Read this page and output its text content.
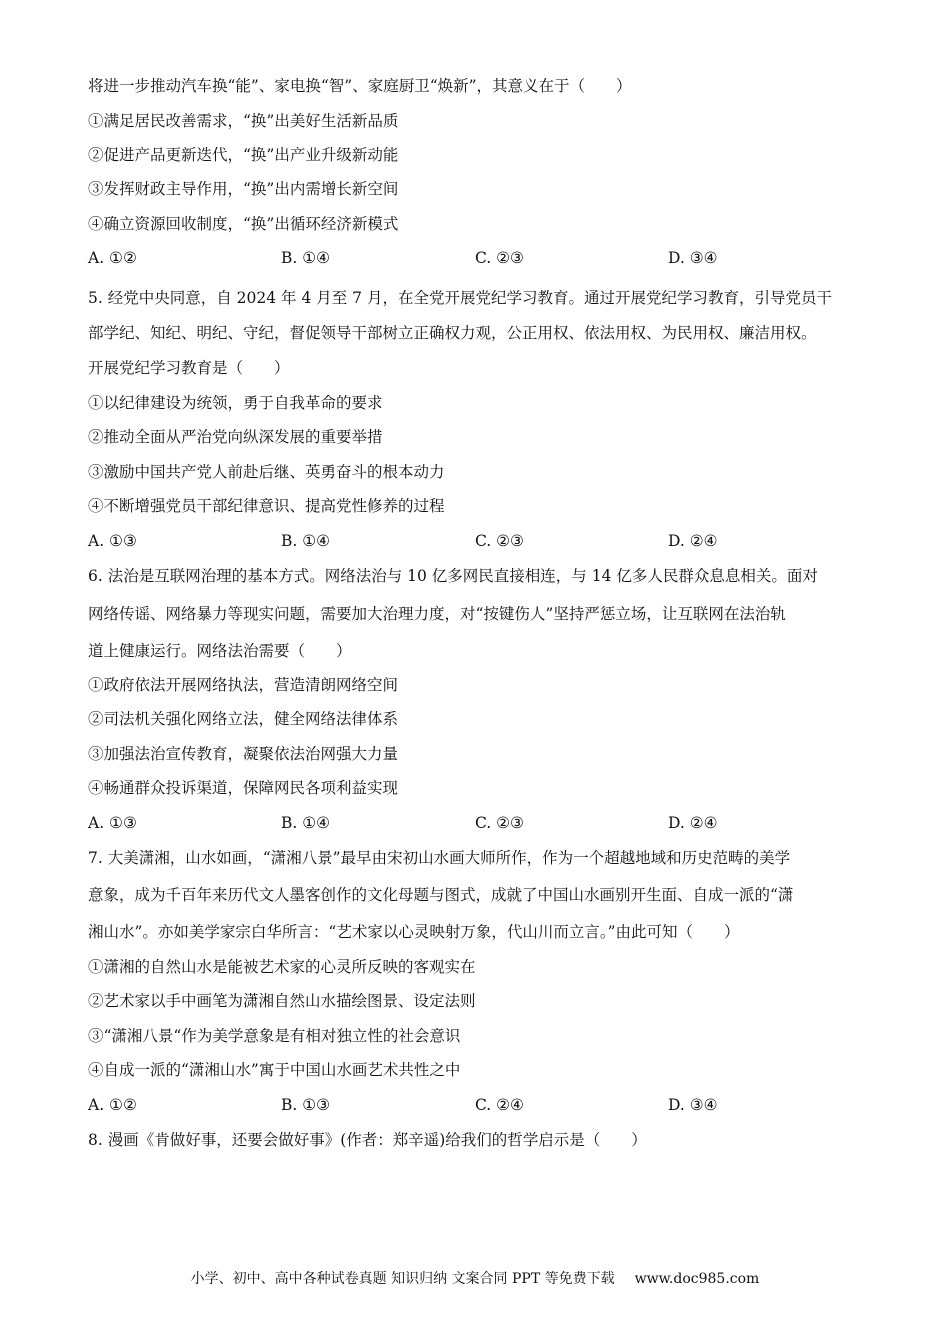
将进一步推动汽车换“能”、家电换“智”、家庭厨卫“焕新”，其意义在于（　　）
①满足居民改善需求，“换”出美好生活新品质
②促进产品更新迭代，“换”出产业升级新动能
③发挥财政主导作用，“换”出内需增长新空间
④确立资源回收制度，“换”出循环经济新模式
A. ①②	B. ①④	C. ②③	D. ③④
5. 经党中央同意，自 2024 年 4 月至 7 月，在全党开展党纪学习教育。通过开展党纪学习教育，引导党员干
部学纪、知纪、明纪、守纪，督促领导干部树立正确权力观，公正用权、依法用权、为民用权、廉洁用权。
开展党纪学习教育是（　　）
①以纪律建设为统领，勇于自我革命的要求
②推动全面从严治党向纵深发展的重要举措
③激励中国共产党人前赴后继、英勇奋斗的根本动力
④不断增强党员干部纪律意识、提高党性修养的过程
A. ①③	B. ①④	C. ②③	D. ②④
6. 法治是互联网治理的基本方式。网络法治与 10 亿多网民直接相连，与 14 亿多人民群众息息相关。面对
网络传谣、网络暴力等现实问题，需要加大治理力度，对“按键伤人”坚持严惩立场，让互联网在法治轨
道上健康运行。网络法治需要（　　）
①政府依法开展网络执法，营造清朗网络空间
②司法机关强化网络立法，健全网络法律体系
③加强法治宣传教育，凝聚依法治网强大力量
④畅通群众投诉渠道，保障网民各项利益实现
A. ①③	B. ①④	C. ②③	D. ②④
7. 大美潇湘，山水如画，“潇湘八景”最早由宋初山水画大师所作，作为一个超越地域和历史范畴的美学
意象，成为千百年来历代文人墨客创作的文化母题与图式，成就了中国山水画别开生面、自成一派的“潇
湘山水”。亦如美学家宗白华所言：“艺术家以心灵映射万象，代山川而立言。”由此可知（　　）
①潇湘的自然山水是能被艺术家的心灵所反映的客观实在
②艺术家以手中画笔为潇湘自然山水描绘图景、设定法则
③“潇湘八景“作为美学意象是有相对独立性的社会意识
④自成一派的“潇湘山水”寓于中国山水画艺术共性之中
A. ①②	B. ①③	C. ②④	D. ③④
8. 漫画《肯做好事，还要会做好事》(作者：郑辛遥)给我们的哲学启示是（　　）
小学、初中、高中各种试卷真题 知识归纳 文案合同 PPT 等免费下载 www.doc985.com
